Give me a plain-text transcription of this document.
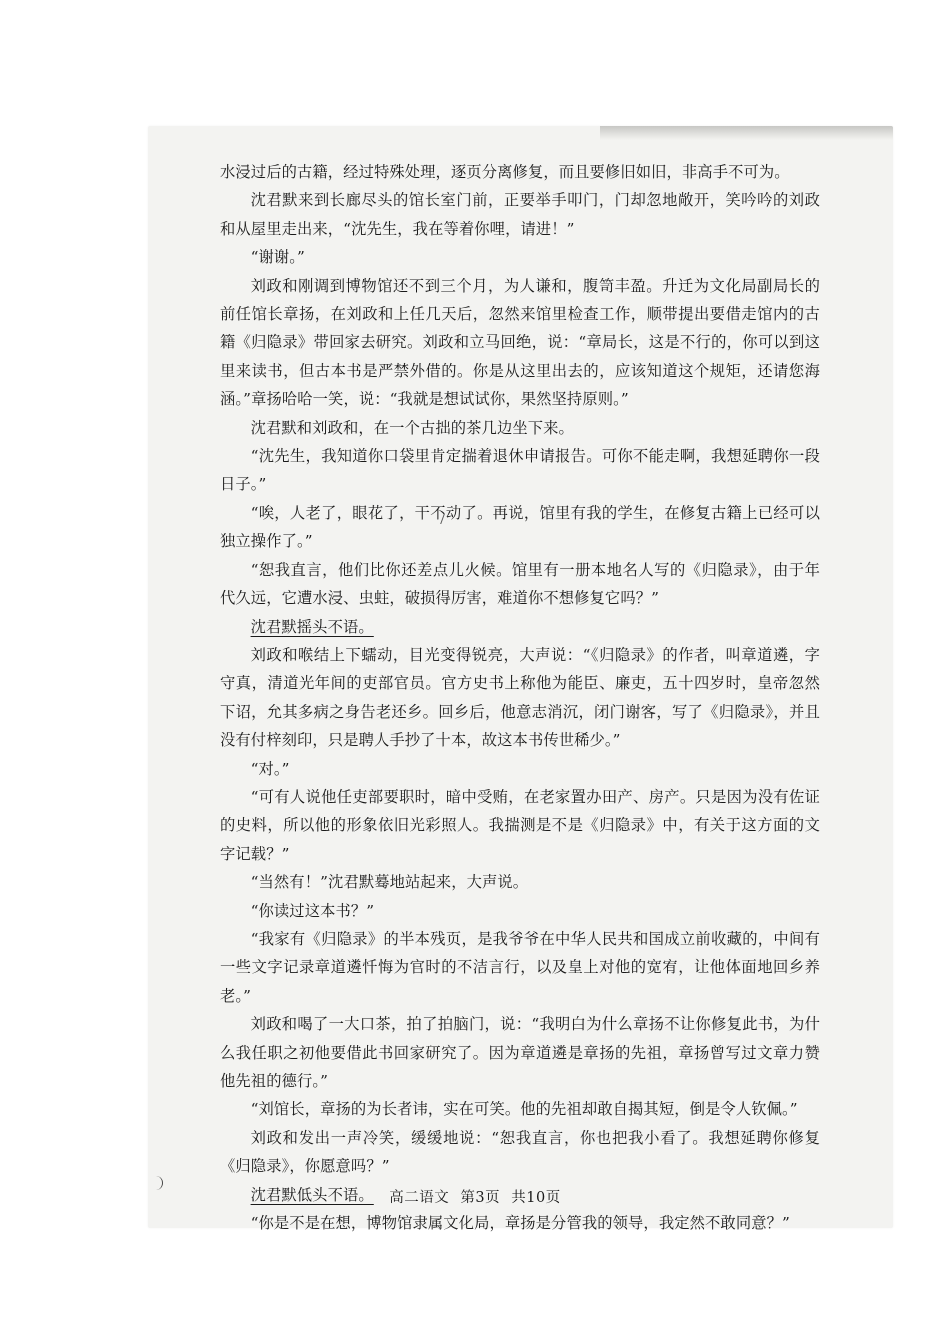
水浸过后的古籍，经过特殊处理，逐页分离修复，而且要修旧如旧，非高手不可为。

沈君默来到长廊尽头的馆长室门前，正要举手叩门，门却忽地敞开，笑吟吟的刘政和从屋里走出来，“沈先生，我在等着你哩，请进！”

“谢谢。”

刘政和刚调到博物馆还不到三个月，为人谦和，腹笥丰盈。升迁为文化局副局长的前任馆长章扬，在刘政和上任几天后，忽然来馆里检查工作，顺带提出要借走馆内的古籍《归隐录》带回家去研究。刘政和立马回绝，说：“章局长，这是不行的，你可以到这里来读书，但古本书是严禁外借的。你是从这里出去的，应该知道这个规矩，还请您海涵。”章扬哈哈一笑，说：“我就是想试试你，果然坚持原则。”

沈君默和刘政和，在一个古拙的茶几边坐下来。

“沈先生，我知道你口袋里肯定揣着退休申请报告。可你不能走啊，我想延聘你一段日子。”

“唉，人老了，眼花了，干不动了。再说，馆里有我的学生，在修复古籍上已经可以独立操作了。”

“恕我直言，他们比你还差点儿火候。馆里有一册本地名人写的《归隐录》，由于年代久远，它遭水浸、虫蛀，破损得厉害，难道你不想修复它吗？”

沈君默摇头不语。

刘政和喉结上下蠕动，目光变得锐亮，大声说：“《归隐录》的作者，叫章道遴，字守真，清道光年间的吏部官员。官方史书上称他为能臣、廉吏，五十四岁时，皇帝忽然下诏，允其多病之身告老还乡。回乡后，他意志消沉，闭门谢客，写了《归隐录》，并且没有付梓刻印，只是聘人手抄了十本，故这本书传世稀少。”

“对。”

“可有人说他任吏部要职时，暗中受贿，在老家置办田产、房产。只是因为没有佐证的史料，所以他的形象依旧光彩照人。我揣测是不是《归隐录》中，有关于这方面的文字记载？”

“当然有！”沈君默蓦地站起来，大声说。

“你读过这本书？”

“我家有《归隐录》的半本残页，是我爷爷在中华人民共和国成立前收藏的，中间有一些文字记录章道遴忏悔为官时的不洁言行，以及皇上对他的宽宥，让他体面地回乡养老。”

刘政和喝了一大口茶，拍了拍脑门，说：“我明白为什么章扬不让你修复此书，为什么我任职之初他要借此书回家研究了。因为章道遴是章扬的先祖，章扬曾写过文章力赞他先祖的德行。”

“刘馆长，章扬的为长者讳，实在可笑。他的先祖却敢自揭其短，倒是令人钦佩。”

刘政和发出一声冷笑，缓缓地说：“恕我直言，你也把我小看了。我想延聘你修复《归隐录》，你愿意吗？”

沈君默低头不语。

“你是不是在想，博物馆隶属文化局，章扬是分管我的领导，我定然不敢同意？”

高二语文 第3页 共10页
